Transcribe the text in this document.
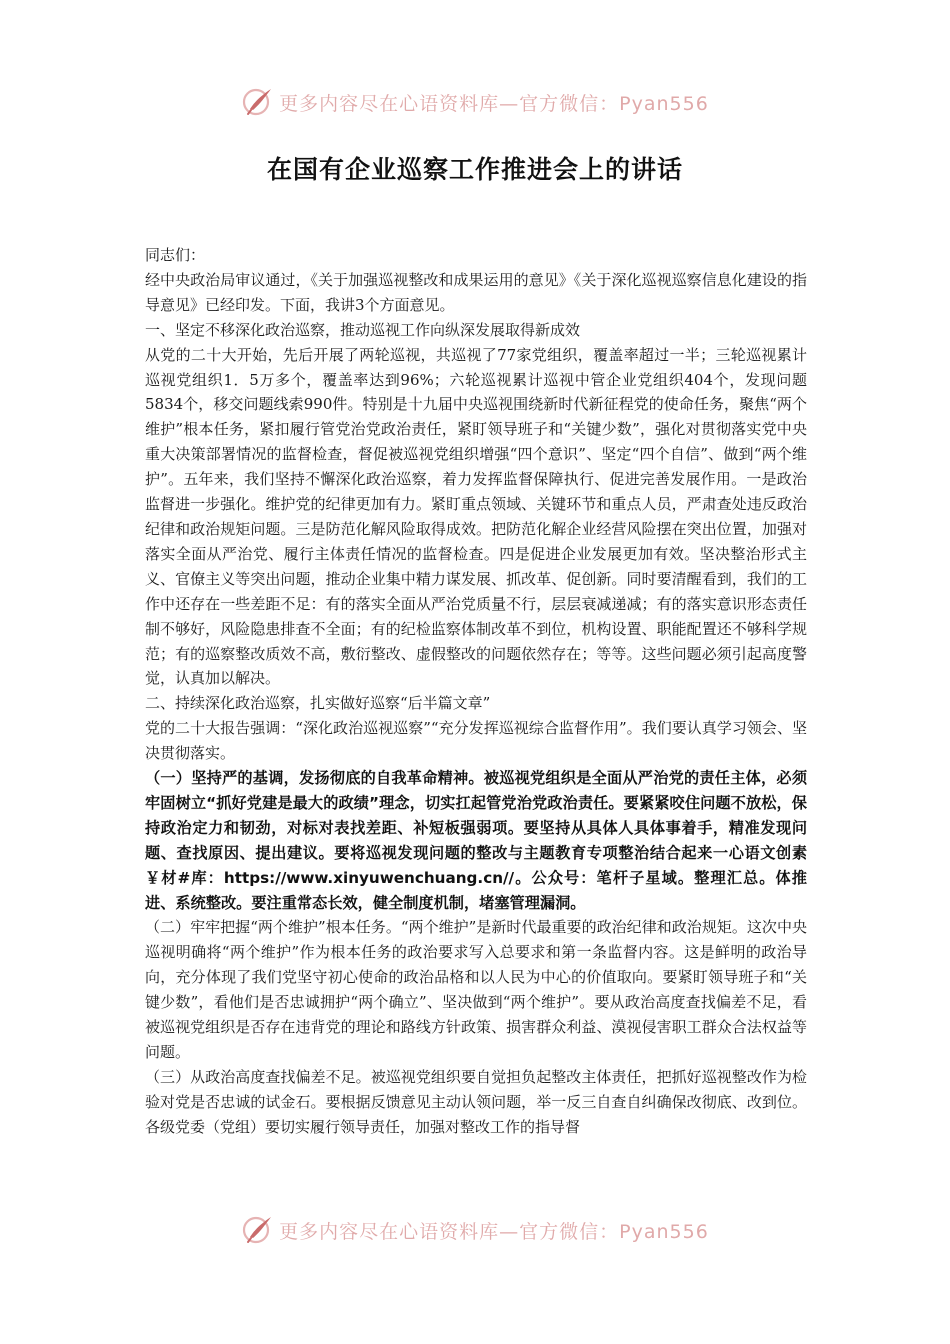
更多内容尽在心语资料库—官方微信：Pyan556
在国有企业巡察工作推进会上的讲话

同志们：

经中央政治局审议通过，《关于加强巡视整改和成果运用的意见》《关于深化巡视巡察信息化建设的指导意见》已经印发。下面，我讲3个方面意见。

一、坚定不移深化政治巡察，推动巡视工作向纵深发展取得新成效

从党的二十大开始，先后开展了两轮巡视，共巡视了77家党组织，覆盖率超过一半；三轮巡视累计巡视党组织1．5万多个，覆盖率达到96%；六轮巡视累计巡视中管企业党组织404个，发现问题5834个，移交问题线索990件。特别是十九届中央巡视围绕新时代新征程党的使命任务，聚焦“两个维护”根本任务，紧扣履行管党治党政治责任，紧盯领导班子和“关键少数”，强化对贯彻落实党中央重大决策部署情况的监督检查，督促被巡视党组织增强“四个意识”、坚定“四个自信”、做到“两个维护”。五年来，我们坚持不懈深化政治巡察，着力发挥监督保障执行、促进完善发展作用。一是政治监督进一步强化。维护党的纪律更加有力。紧盯重点领域、关键环节和重点人员，严肃查处违反政治纪律和政治规矩问题。三是防范化解风险取得成效。把防范化解企业经营风险摆在突出位置，加强对落实全面从严治党、履行主体责任情况的监督检查。四是促进企业发展更加有效。坚决整治形式主义、官僚主义等突出问题，推动企业集中精力谋发展、抓改革、促创新。同时要清醒看到，我们的工作中还存在一些差距不足：有的落实全面从严治党质量不行，层层衰减递减；有的落实意识形态责任制不够好，风险隐患排查不全面；有的纪检监察体制改革不到位，机构设置、职能配置还不够科学规范；有的巡察整改质效不高，敷衍整改、虚假整改的问题依然存在；等等。这些问题必须引起高度警觉，认真加以解决。

二、持续深化政治巡察，扎实做好巡察“后半篇文章”

党的二十大报告强调：“深化政治巡视巡察”“充分发挥巡视综合监督作用”。我们要认真学习领会、坚决贯彻落实。

（一）坚持严的基调，发扬彻底的自我革命精神。被巡视党组织是全面从严治党的责任主体，必须牢固树立“抓好党建是最大的政绩”理念，切实扛起管党治党政治责任。要紧紧咬住问题不放松，保持政治定力和韧劲，对标对表找差距、补短板强弱项。要坚持从具体人具体事着手，精准发现问题、查找原因、提出建议。要将巡视发现问题的整改与主题教育专项整治结合起来一心语文创素￥材#库：https://www.xinyuwenchuang.cn//。公众号：笔杆子星域。整理汇总。体推进、系统整改。要注重常态长效，健全制度机制，堵塞管理漏洞。

（二）牢牢把握“两个维护”根本任务。“两个维护”是新时代最重要的政治纪律和政治规矩。这次中央巡视明确将“两个维护”作为根本任务的政治要求写入总要求和第一条监督内容。这是鲜明的政治导向，充分体现了我们党坚守初心使命的政治品格和以人民为中心的价值取向。要紧盯领导班子和“关键少数”，看他们是否忠诚拥护“两个确立”、坚决做到“两个维护”。要从政治高度查找偏差不足，看被巡视党组织是否存在违背党的理论和路线方针政策、损害群众利益、漠视侵害职工群众合法权益等问题。

（三）从政治高度查找偏差不足。被巡视党组织要自觉担负起整改主体责任，把抓好巡视整改作为检验对党是否忠诚的试金石。要根据反馈意见主动认领问题，举一反三自查自纠确保改彻底、改到位。各级党委（党组）要切实履行领导责任，加强对整改工作的指导督

更多内容尽在心语资料库—官方微信：Pyan556
